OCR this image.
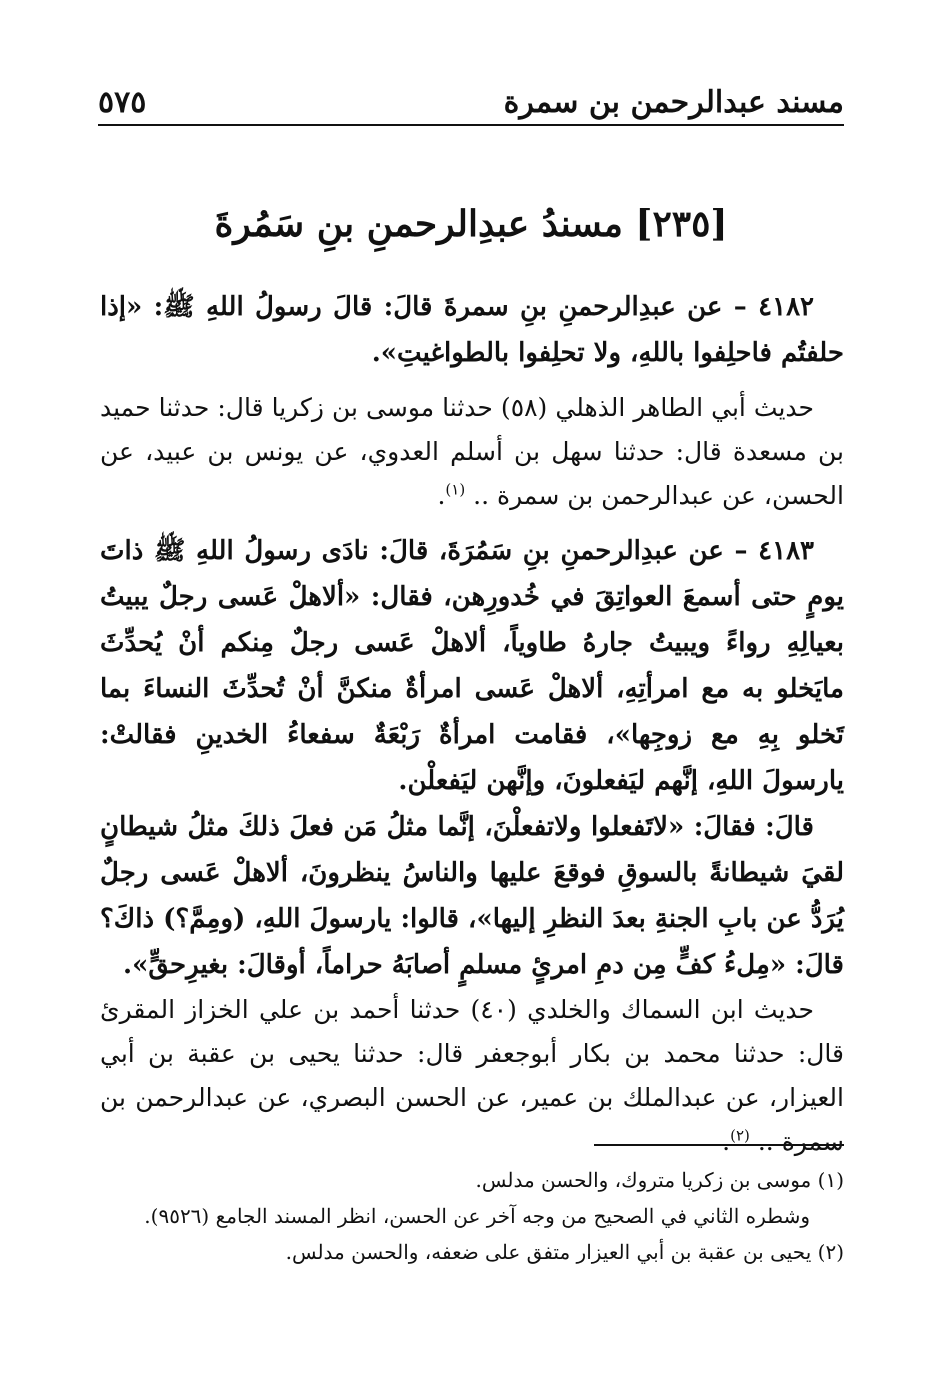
مسند عبدالرحمن بن سمرة
٥٧٥
[٢٣٥] مسندُ عبدِالرحمنِ بنِ سَمُرةَ

٤١٨٢ – عن عبدِالرحمنِ بنِ سمرةَ قالَ: قالَ رسولُ اللهِ ﷺ: «إذا حلفتُم فاحلِفوا باللهِ، ولا تحلِفوا بالطواغيتِ».

حديث أبي الطاهر الذهلي (٥٨) حدثنا موسى بن زكريا قال: حدثنا حميد بن مسعدة قال: حدثنا سهل بن أسلم العدوي، عن يونس بن عبيد، عن الحسن، عن عبدالرحمن بن سمرة .. $^{(١)}$.

٤١٨٣ – عن عبدِالرحمنِ بنِ سَمُرَةَ، قالَ: نادَى رسولُ اللهِ ﷺ ذاتَ يومٍ حتى أسمعَ العواتِقَ في خُدورِهن، فقال: «ألاهلْ عَسى رجلٌ يبيتُ بعيالِهِ رواءً ويبيتُ جارهُ طاوياً، ألاهلْ عَسى رجلٌ مِنكم أنْ يُحدِّثَ مايَخلو به مع امرأتِهِ، ألاهلْ عَسى امرأةٌ منكنَّ أنْ تُحدِّثَ النساءَ بما تَخلو بِهِ مع زوجِها»، فقامت امرأةٌ رَبْعَةٌ سفعاءُ الخدينِ فقالتْ: يارسولَ اللهِ، إنَّهم ليَفعلونَ، وإنَّهن ليَفعلْن.

قالَ: فقالَ: «لاتَفعلوا ولاتفعلْنَ، إنَّما مثلُ مَن فعلَ ذلكَ مثلُ شيطانٍ لقيَ شيطانةً بالسوقِ فوقعَ عليها والناسُ ينظرونَ، ألاهلْ عَسى رجلٌ يُرَدُّ عن بابِ الجنةِ بعدَ النظرِ إليها»، قالوا: يارسولَ اللهِ، (ومِمَّ؟) ذاكَ؟ قالَ: «مِلءُ كفٍّ مِن دمِ امرئٍ مسلمٍ أصابَهُ حراماً، أوقالَ: بغيرِحقٍّ».

حديث ابن السماك والخلدي (٤٠) حدثنا أحمد بن علي الخزاز المقرئ قال: حدثنا محمد بن بكار أبوجعفر قال: حدثنا يحيى بن عقبة بن أبي العيزار، عن عبدالملك بن عمير، عن الحسن البصري، عن عبدالرحمن بن سمرة .. $^{(٢)}$.

(١) موسى بن زكريا متروك، والحسن مدلس.

وشطره الثاني في الصحيح من وجه آخر عن الحسن، انظر المسند الجامع (٩٥٢٦).

(٢) يحيى بن عقبة بن أبي العيزار متفق على ضعفه، والحسن مدلس.
